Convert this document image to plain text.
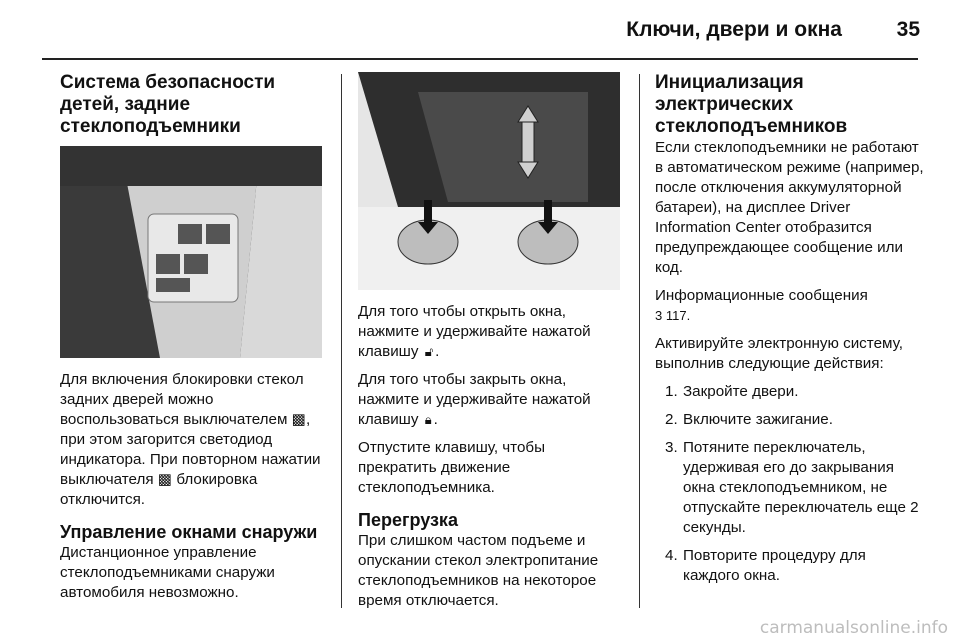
Ключи, двери и окна	35
Система безопасности детей, задние стеклоподъемники

Для включения блокировки стекол задних дверей можно воспользоваться выключателем ▩, при этом загорится светодиод индикатора. При повторном нажатии выключателя ▩ блокировка отключится.

Управление окнами снаружи

Дистанционное управление стеклоподъемниками снаружи автомобиля невозможно.

Для того чтобы открыть окна, нажмите и удерживайте нажатой клавишу 🔓︎ .

Для того чтобы закрыть окна, нажмите и удерживайте нажатой клавишу 🔒︎ .

Отпустите клавишу, чтобы прекратить движение стеклоподъемника.

Перегрузка

При слишком частом подъеме и опускании стекол электропитание стеклоподъемников на некоторое время отключается.

Инициализация электрических стеклоподъемников

Если стеклоподъемники не работают в автоматическом режиме (например, после отключения аккумуляторной батареи), на дисплее Driver Information Center отобразится предупреждающее сообщение или код.

Информационные сообщения
3 117.

Активируйте электронную систему, выполнив следующие действия:

1. Закройте двери.
2. Включите зажигание.
3. Потяните переключатель, удерживая его до закрывания окна стеклоподъемником, не отпускайте переключатель еще 2 секунды.
4. Повторите процедуру для каждого окна.
carmanualsonline.info
